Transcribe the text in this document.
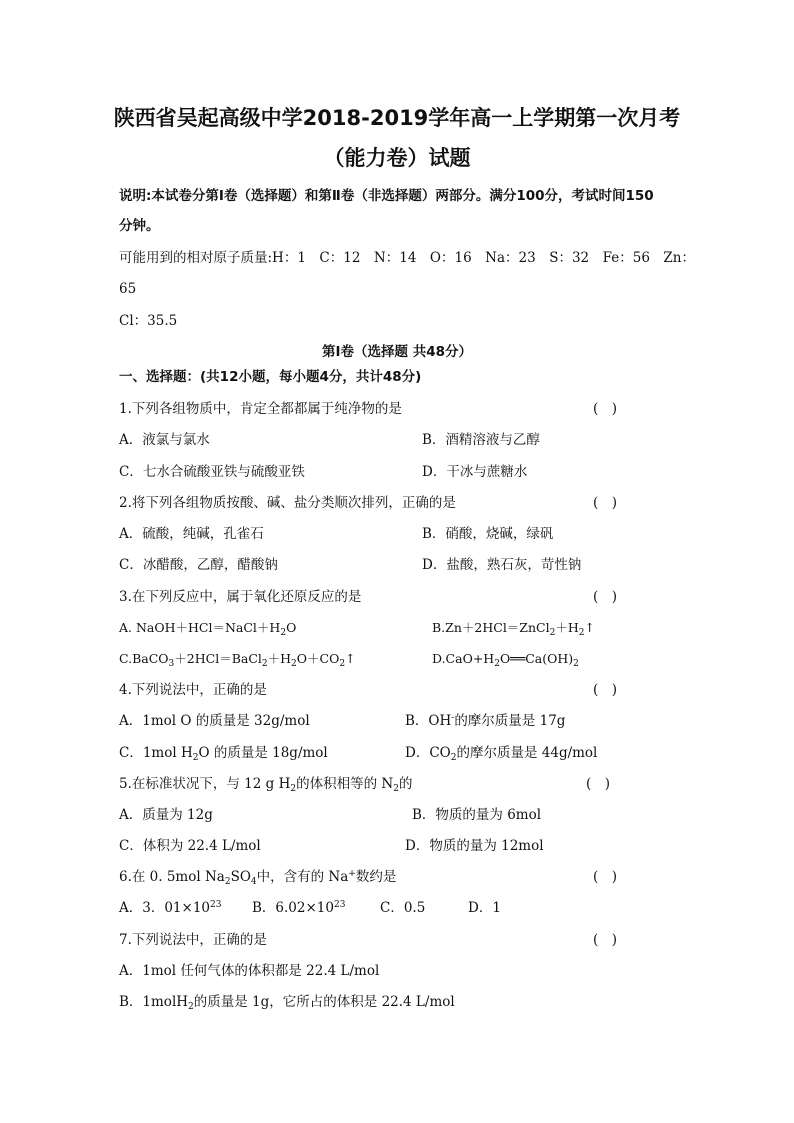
陕西省吴起高级中学2018-2019学年高一上学期第一次月考
（能力卷）试题
说明:本试卷分第Ⅰ卷（选择题）和第Ⅱ卷（非选择题）两部分。满分100分，考试时间150
分钟。
可能用到的相对原子质量:H：1　C：12　N：14　O：16　Na：23　S：32　Fe：56　Zn：
65
Cl：35.5
第Ⅰ卷（选择题 共48分）
一、选择题：(共12小题，每小题4分，共计48分)
1.下列各组物质中，肯定全都都属于纯净物的是	(　)
A．液氯与氯水	B．酒精溶液与乙醇
C．七水合硫酸亚铁与硫酸亚铁	D．干冰与蔗糖水
2.将下列各组物质按酸、碱、盐分类顺次排列，正确的是	(　)
A．硫酸，纯碱，孔雀石	B．硝酸，烧碱，绿矾
C．冰醋酸，乙醇，醋酸钠	D．盐酸，熟石灰，苛性钠
3.在下列反应中，属于氧化还原反应的是	(　)
A. $NaOH+HCl=NaCl+H_2O$	$B.Zn+2HCl=ZnCl_2+H_2↑$
$C.BaCO_3+2HCl=BaCl_2+H_2O+CO_2↑$	$D.CaO+H_2O══Ca(OH)_2$
4.下列说法中，正确的是	(　)
A．1mol O 的质量是 32g/mol	B．OH-的摩尔质量是 17g
C．1mol $H_2O$ 的质量是 18g/mol	D．$CO_2$的摩尔质量是 44g/mol
5.在标准状况下，与 12 g $H_2$的体积相等的 $N_2$的	(　)
A．质量为 12g	B．物质的量为 6mol
C．体积为 22.4 L/mol	D．物质的量为 12mol
6.在 0. 5mol $Na_2SO_4$中，含有的 Na+数约是	(　)
A．3．$01\times 10^{23}$ B．$6.02\times 10^{23}$	C．0.5	D．1
7.下列说法中，正确的是	(　)
A．1mol 任何气体的体积都是 22.4 L/mol
B．1molH$_2$的质量是 1g，它所占的体积是 22.4 L/mol
